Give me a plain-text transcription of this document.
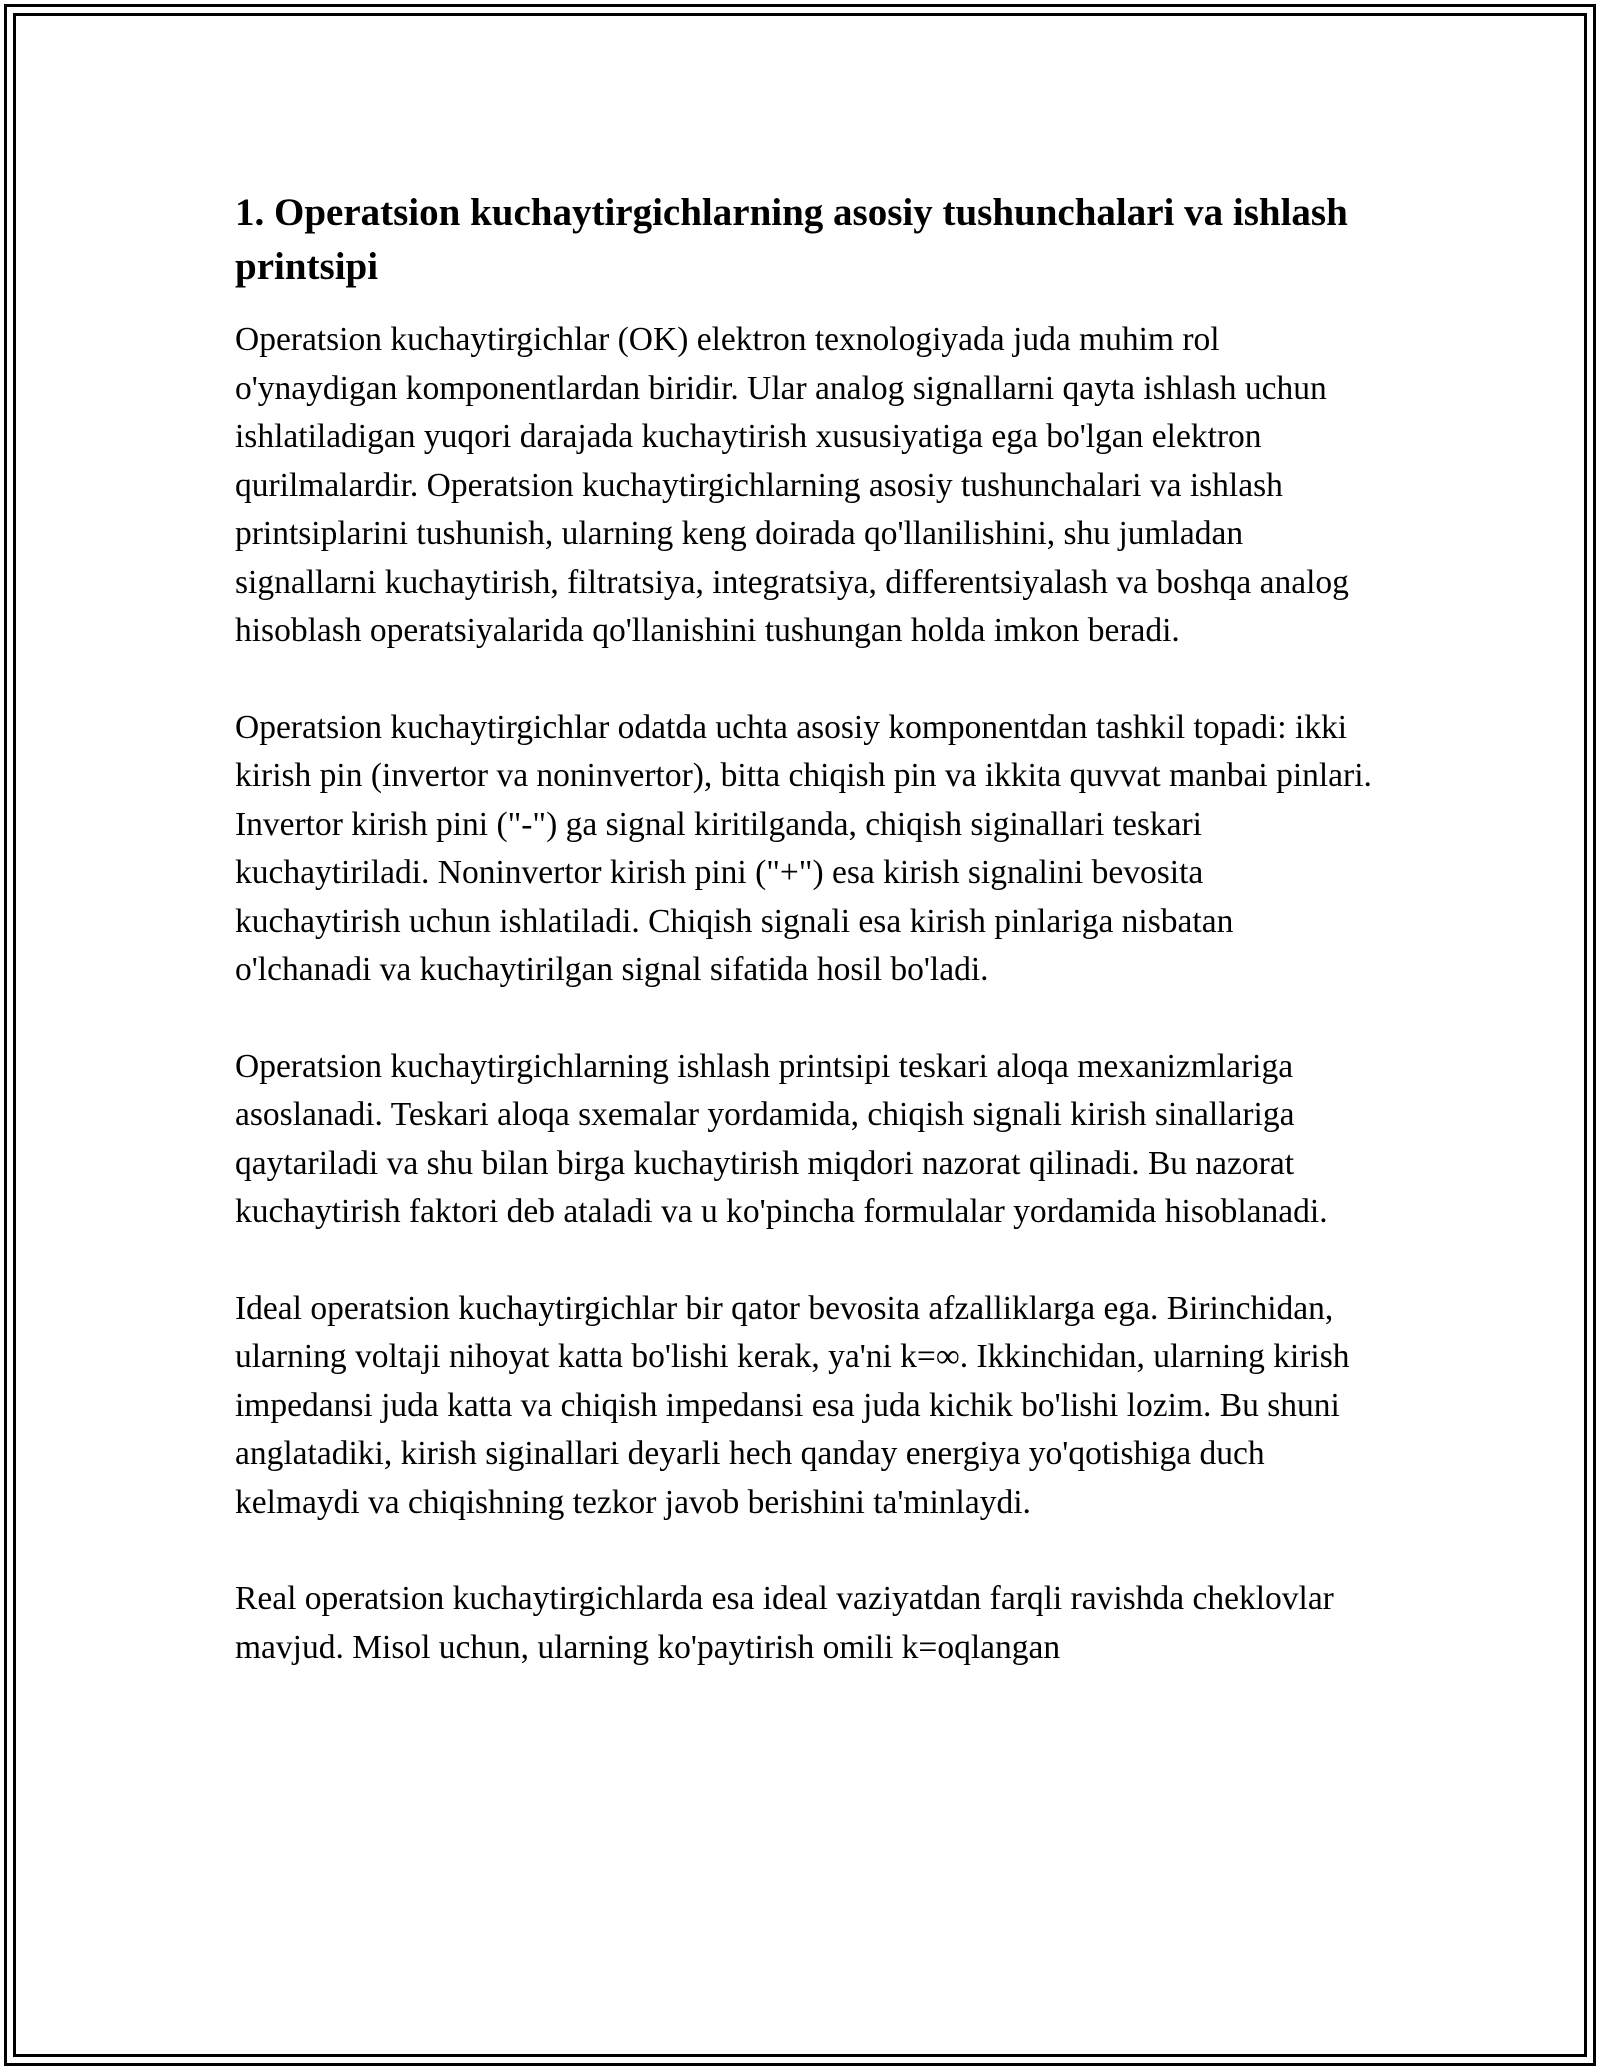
1. Operatsion kuchaytirgichlarning asosiy tushunchalari va ishlash printsipi

Operatsion kuchaytirgichlar (OK) elektron texnologiyada juda muhim rol o'ynaydigan komponentlardan biridir. Ular analog signallarni qayta ishlash uchun ishlatiladigan yuqori darajada kuchaytirish xususiyatiga ega bo'lgan elektron qurilmalardir. Operatsion kuchaytirgichlarning asosiy tushunchalari va ishlash printsiplarini tushunish, ularning keng doirada qo'llanilishini, shu jumladan signallarni kuchaytirish, filtratsiya, integratsiya, differentsiyalash va boshqa analog hisoblash operatsiyalarida qo'llanishini tushungan holda imkon beradi.

Operatsion kuchaytirgichlar odatda uchta asosiy komponentdan tashkil topadi: ikki kirish pin (invertor va noninvertor), bitta chiqish pin va ikkita quvvat manbai pinlari. Invertor kirish pini ("-") ga signal kiritilganda, chiqish siginallari teskari kuchaytiriladi. Noninvertor kirish pini ("+") esa kirish signalini bevosita kuchaytirish uchun ishlatiladi. Chiqish signali esa kirish pinlariga nisbatan o'lchanadi va kuchaytirilgan signal sifatida hosil bo'ladi.

Operatsion kuchaytirgichlarning ishlash printsipi teskari aloqa mexanizmlariga asoslanadi. Teskari aloqa sxemalar yordamida, chiqish signali kirish sinallariga qaytariladi va shu bilan birga kuchaytirish miqdori nazorat qilinadi. Bu nazorat kuchaytirish faktori deb ataladi va u ko'pincha formulalar yordamida hisoblanadi.

Ideal operatsion kuchaytirgichlar bir qator bevosita afzalliklarga ega. Birinchidan, ularning voltaji nihoyat katta bo'lishi kerak, ya'ni k=∞. Ikkinchidan, ularning kirish impedansi juda katta va chiqish impedansi esa juda kichik bo'lishi lozim. Bu shuni anglatadiki, kirish siginallari deyarli hech qanday energiya yo'qotishiga duch kelmaydi va chiqishning tezkor javob berishini ta'minlaydi.

Real operatsion kuchaytirgichlarda esa ideal vaziyatdan farqli ravishda cheklovlar mavjud. Misol uchun, ularning ko'paytirish omili k=oqlangan
